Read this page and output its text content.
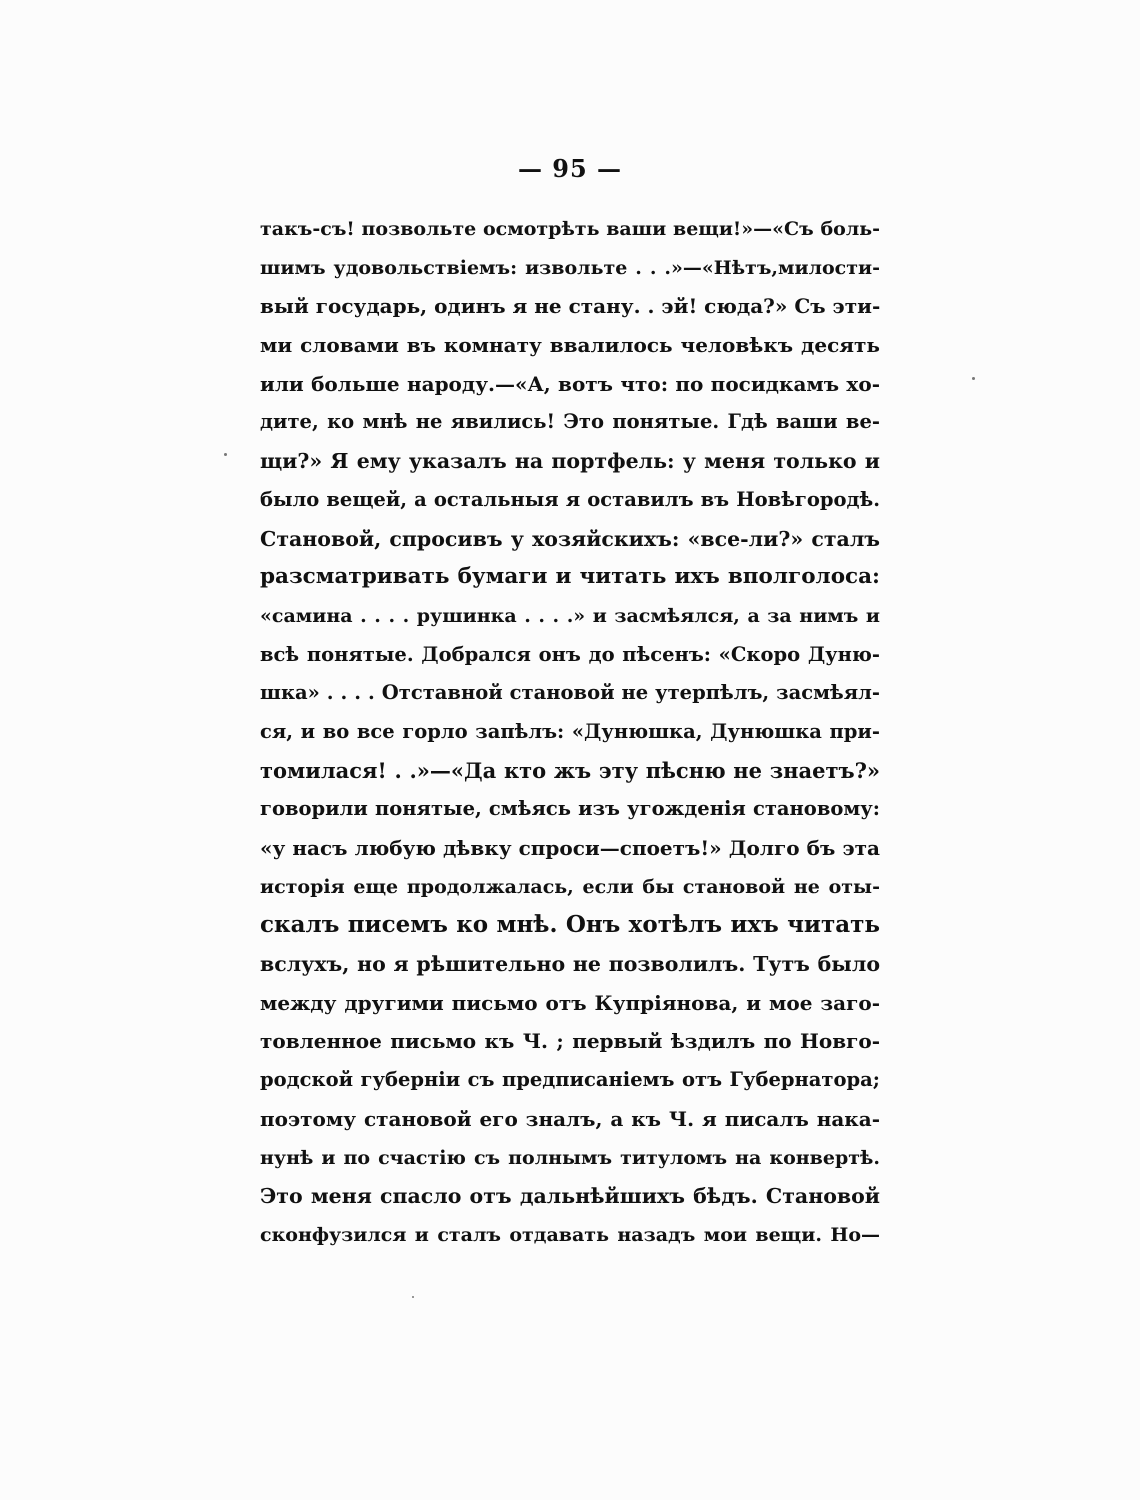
— 95 —
такъ-съ! позвольте осмотрѣть ваши вещи!»—«Съ боль-
шимъ удовольствіемъ: извольте . . .»—«Нѣтъ,милости-
вый государь, одинъ я не стану. . эй! сюда?» Съ эти-
ми словами въ комнату ввалилось человѣкъ десять
или больше народу.—«А, вотъ что: по посидкамъ хо-
дите, ко мнѣ не явились! Это понятые. Гдѣ ваши ве-
щи?» Я ему указалъ на портфель: у меня только и
было вещей, а остальныя я оставилъ въ Новѣгородѣ.
Становой, спросивъ у хозяйскихъ: «все-ли?» сталъ
разсматривать бумаги и читать ихъ вполголоса:
«самина . . . . рушинка . . . .» и засмѣялся, а за нимъ и
всѣ понятые. Добрался онъ до пѣсенъ: «Скоро Дуню-
шка» . . . . Отставной становой не утерпѣлъ, засмѣял-
ся, и во все горло запѣлъ: «Дунюшка, Дунюшка при-
томилася! . .»—«Да кто жъ эту пѣсню не знаетъ?»
говорили понятые, смѣясь изъ угожденія становому:
«у насъ любую дѣвку спроси—споетъ!» Долго бъ эта
исторія еще продолжалась, если бы становой не оты-
скалъ писемъ ко мнѣ. Онъ хотѣлъ ихъ читать
вслухъ, но я рѣшительно не позволилъ. Тутъ было
между другими письмо отъ Купріянова, и мое заго-
товленное письмо къ Ч. ; первый ѣздилъ по Новго-
родской губерніи съ предписаніемъ отъ Губернатора;
поэтому становой его зналъ, а къ Ч. я писалъ нака-
нунѣ и по счастію съ полнымъ титуломъ на конвертѣ.
Это меня спасло отъ дальнѣйшихъ бѣдъ. Становой
сконфузился и сталъ отдавать назадъ мои вещи. Но—
